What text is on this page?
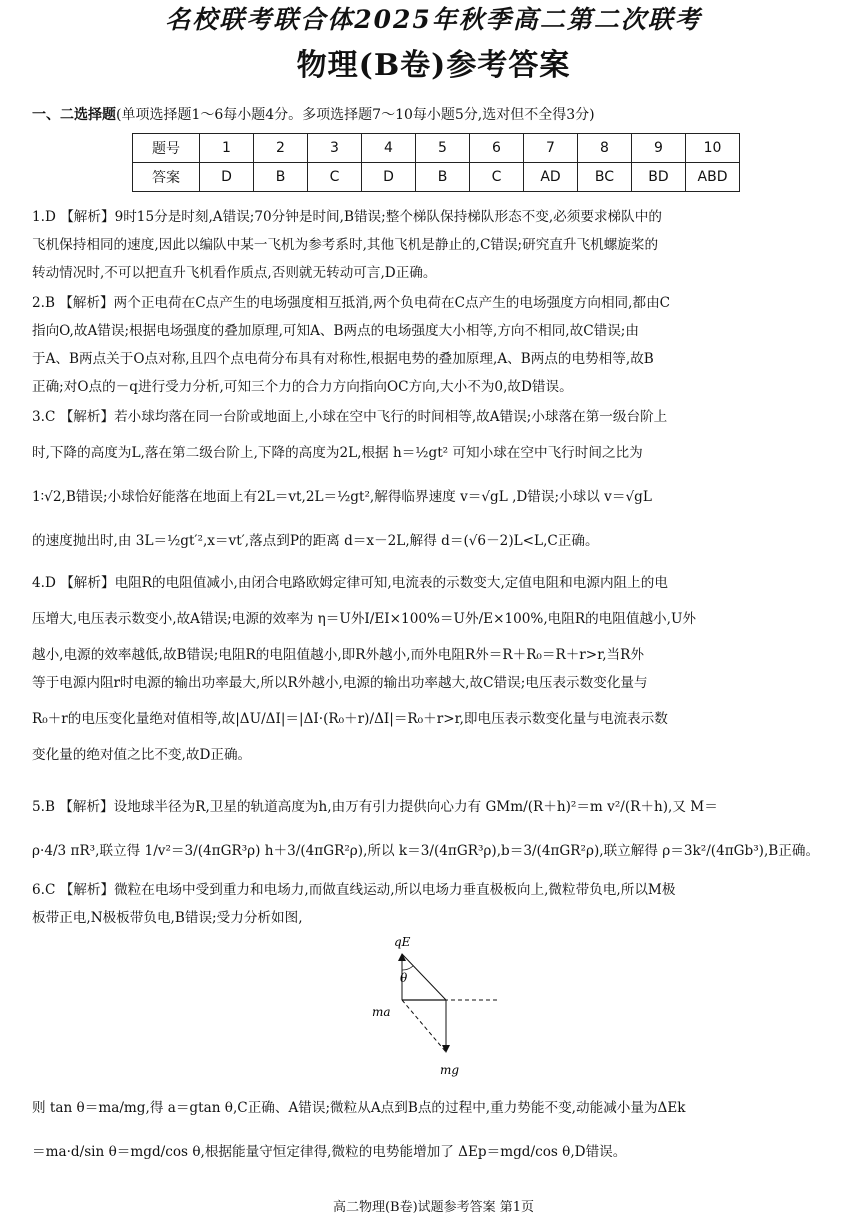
名校联考联合体2025年秋季高二第二次联考
物理(B卷)参考答案
一、二选择题(单项选择题1～6每小题4分。多项选择题7～10每小题5分,选对但不全得3分)
题号	1	2	3	4	5	6	7	8	9	10
答案	D	B	C	D	B	C	AD	BC	BD	ABD
1.D 【解析】9时15分是时刻,A错误;70分钟是时间,B错误;整个梯队保持梯队形态不变,必须要求梯队中的
飞机保持相同的速度,因此以编队中某一飞机为参考系时,其他飞机是静止的,C错误;研究直升飞机螺旋桨的
转动情况时,不可以把直升飞机看作质点,否则就无转动可言,D正确。
2.B 【解析】两个正电荷在C点产生的电场强度相互抵消,两个负电荷在C点产生的电场强度方向相同,都由C
指向O,故A错误;根据电场强度的叠加原理,可知A、B两点的电场强度大小相等,方向不相同,故C错误;由
于A、B两点关于O点对称,且四个点电荷分布具有对称性,根据电势的叠加原理,A、B两点的电势相等,故B
正确;对O点的－q进行受力分析,可知三个力的合力方向指向OC方向,大小不为0,故D错误。
3.C 【解析】若小球均落在同一台阶或地面上,小球在空中飞行的时间相等,故A错误;小球落在第一级台阶上
时,下降的高度为L,落在第二级台阶上,下降的高度为2L,根据 h＝½gt² 可知小球在空中飞行时间之比为
1∶√2,B错误;小球恰好能落在地面上有2L＝vt,2L＝½gt²,解得临界速度 v＝√gL ,D错误;小球以 v＝√gL
的速度抛出时,由 3L＝½gt′²,x＝vt′,落点到P的距离 d＝x－2L,解得 d＝(√6－2)L<L,C正确。
4.D 【解析】电阻R的电阻值减小,由闭合电路欧姆定律可知,电流表的示数变大,定值电阻和电源内阻上的电
压增大,电压表示数变小,故A错误;电源的效率为 η＝U外I/EI×100%＝U外/E×100%,电阻R的电阻值越小,U外
越小,电源的效率越低,故B错误;电阻R的电阻值越小,即R外越小,而外电阻R外＝R＋R₀＝R＋r>r,当R外
等于电源内阻r时电源的输出功率最大,所以R外越小,电源的输出功率越大,故C错误;电压表示数变化量与
R₀＋r的电压变化量绝对值相等,故|ΔU/ΔI|＝|ΔI·(R₀＋r)/ΔI|＝R₀＋r>r,即电压表示数变化量与电流表示数
变化量的绝对值之比不变,故D正确。
5.B 【解析】设地球半径为R,卫星的轨道高度为h,由万有引力提供向心力有 GMm/(R＋h)²＝m v²/(R＋h),又 M＝
ρ·4/3 πR³,联立得 1/v²＝3/(4πGR³ρ) h＋3/(4πGR²ρ),所以 k＝3/(4πGR³ρ),b＝3/(4πGR²ρ),联立解得 ρ＝3k²/(4πGb³),B正确。
6.C 【解析】微粒在电场中受到重力和电场力,而做直线运动,所以电场力垂直极板向上,微粒带负电,所以M极
板带正电,N极板带负电,B错误;受力分析如图,
qE
θ
ma
mg
则 tan θ＝ma/mg,得 a＝gtan θ,C正确、A错误;微粒从A点到B点的过程中,重力势能不变,动能减小量为ΔEk
＝ma·d/sin θ＝mgd/cos θ,根据能量守恒定律得,微粒的电势能增加了 ΔEp＝mgd/cos θ,D错误。
高二物理(B卷)试题参考答案 第1页
